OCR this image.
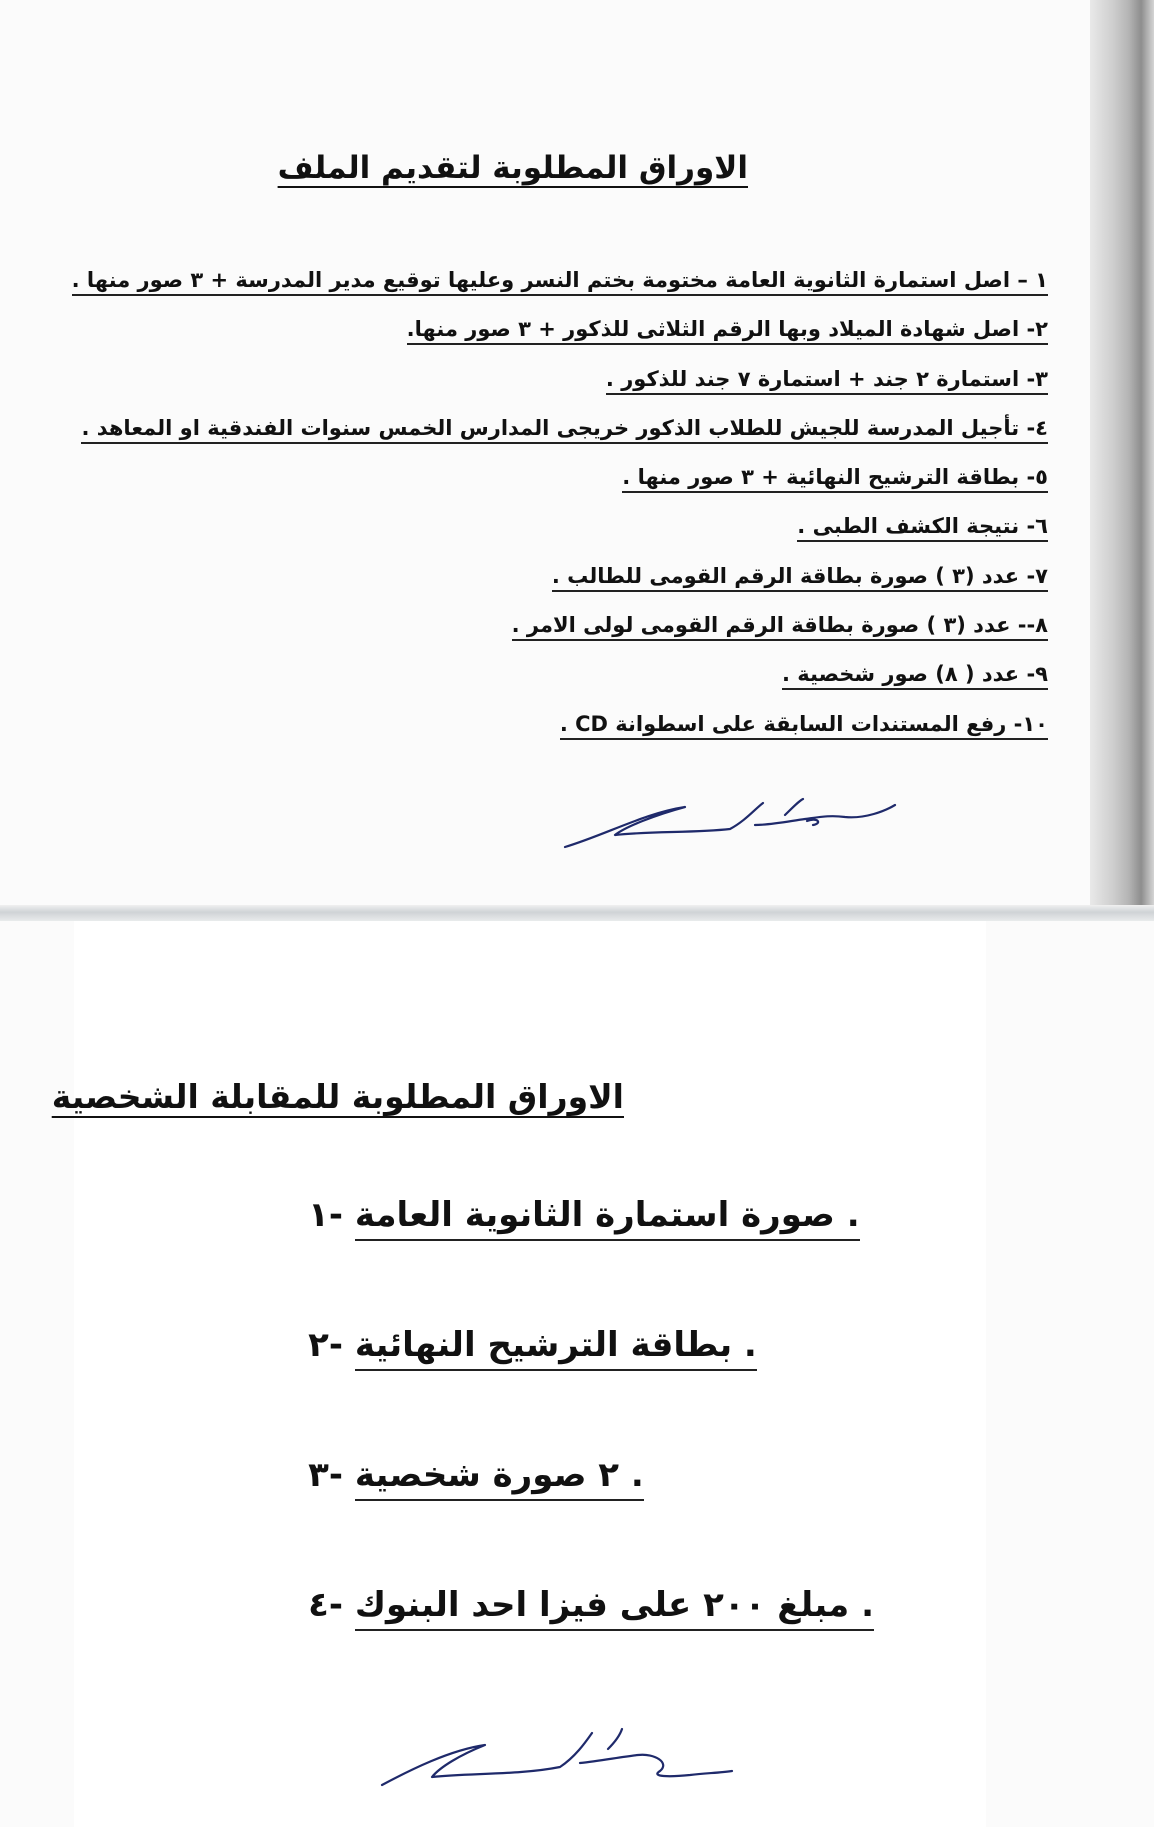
الاوراق المطلوبة لتقديم الملف
١ – اصل استمارة الثانوية العامة مختومة بختم النسر وعليها توقيع مدير المدرسة + ٣ صور منها .
٢- اصل شهادة الميلاد وبها الرقم الثلاثى للذكور + ٣ صور منها.
٣- استمارة ٢ جند + استمارة ٧ جند للذكور .
٤- تأجيل المدرسة للجيش للطلاب الذكور خريجى المدارس الخمس سنوات الفندقية او المعاهد .
٥- بطاقة الترشيح النهائية + ٣ صور منها .
٦- نتيجة الكشف الطبى .
٧- عدد (٣ ) صورة بطاقة الرقم القومى للطالب .
٨-- عدد (٣ ) صورة بطاقة الرقم القومى لولى الامر .
٩- عدد ( ٨) صور شخصية .
١٠- رفع المستندات السابقة على اسطوانة CD .
الاوراق المطلوبة للمقابلة الشخصية
١- صورة استمارة الثانوية العامة .
٢- بطاقة الترشيح النهائية .
٣- ٢ صورة شخصية .
٤- مبلغ ٢٠٠ على فيزا احد البنوك .
